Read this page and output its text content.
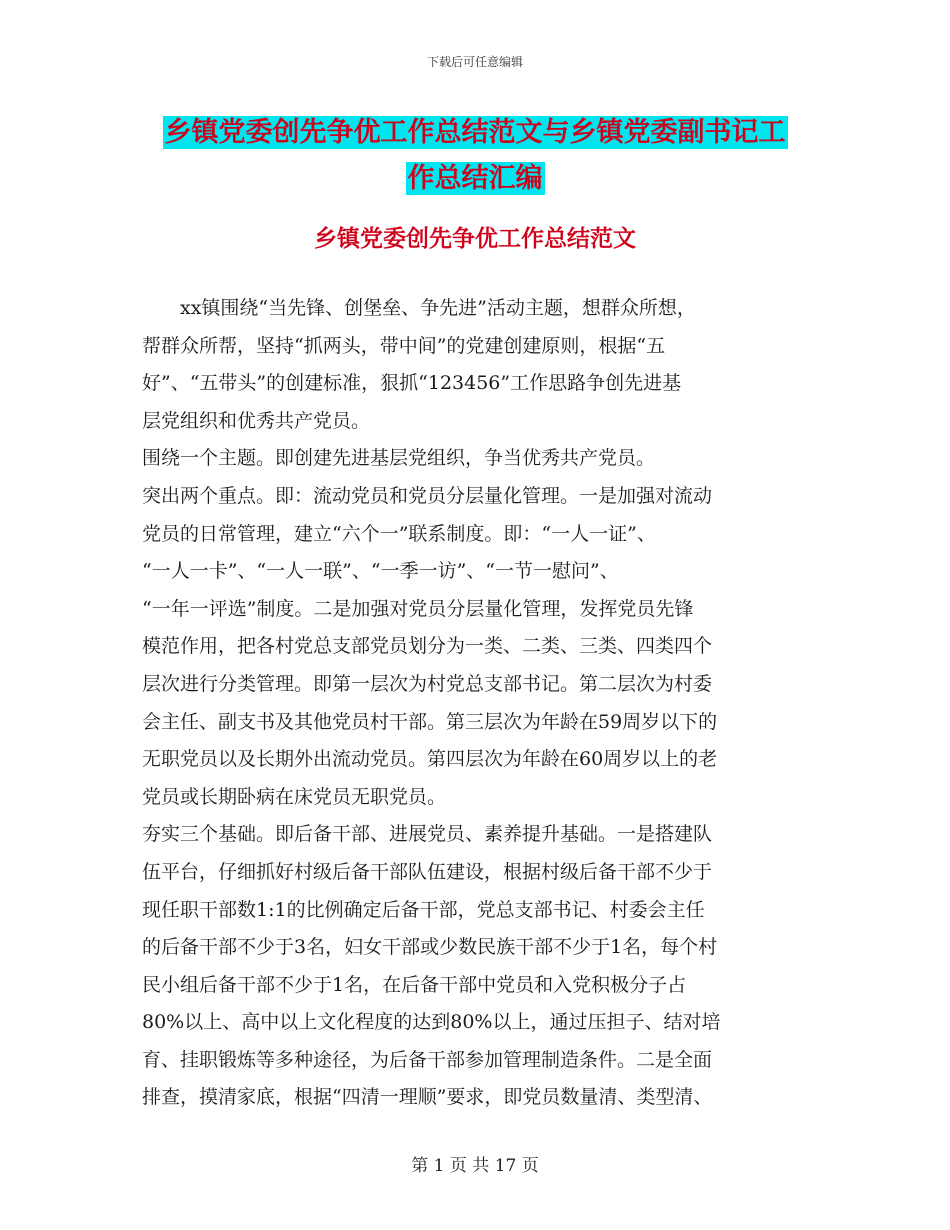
下载后可任意编辑
乡镇党委创先争优工作总结范文与乡镇党委副书记工
作总结汇编
乡镇党委创先争优工作总结范文
　　xx镇围绕“当先锋、创堡垒、争先进”活动主题，想群众所想，
帮群众所帮，坚持“抓两头，带中间”的党建创建原则，根据“五
好”、“五带头”的创建标准，狠抓“123456”工作思路争创先进基
层党组织和优秀共产党员。
围绕一个主题。即创建先进基层党组织，争当优秀共产党员。
突出两个重点。即：流动党员和党员分层量化管理。一是加强对流动
党员的日常管理，建立“六个一”联系制度。即：“一人一证”、
“一人一卡”、“一人一联”、“一季一访”、“一节一慰问”、
“一年一评选”制度。二是加强对党员分层量化管理，发挥党员先锋
模范作用，把各村党总支部党员划分为一类、二类、三类、四类四个
层次进行分类管理。即第一层次为村党总支部书记。第二层次为村委
会主任、副支书及其他党员村干部。第三层次为年龄在59周岁以下的
无职党员以及长期外出流动党员。第四层次为年龄在60周岁以上的老
党员或长期卧病在床党员无职党员。
夯实三个基础。即后备干部、进展党员、素养提升基础。一是搭建队
伍平台，仔细抓好村级后备干部队伍建设，根据村级后备干部不少于
现任职干部数1:1的比例确定后备干部，党总支部书记、村委会主任
的后备干部不少于3名，妇女干部或少数民族干部不少于1名，每个村
民小组后备干部不少于1名，在后备干部中党员和入党积极分子占
80%以上、高中以上文化程度的达到80%以上，通过压担子、结对培
育、挂职锻炼等多种途径，为后备干部参加管理制造条件。二是全面
排查，摸清家底，根据“四清一理顺”要求，即党员数量清、类型清、
第 1 页 共 17 页
